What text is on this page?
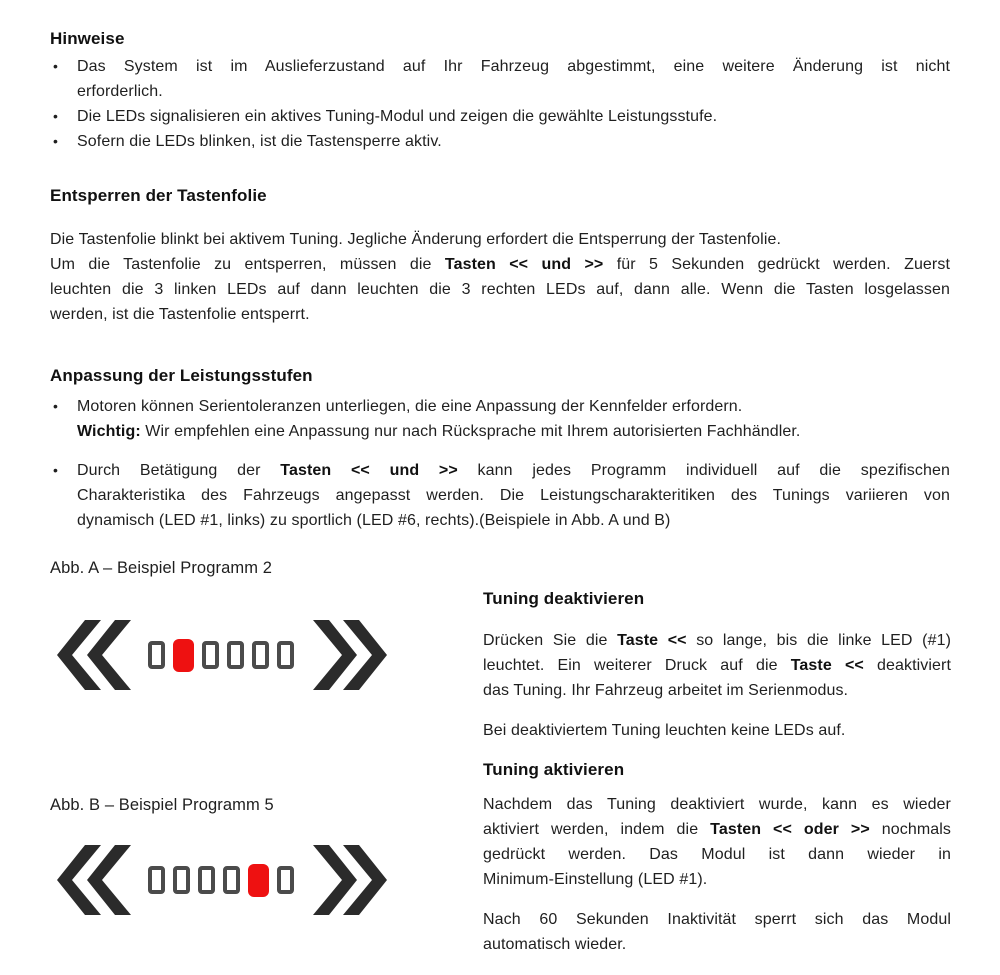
Hinweise
•	Das System ist im Auslieferzustand auf Ihr Fahrzeug abgestimmt, eine weitere Änderung ist nicht
erforderlich.
•	Die LEDs signalisieren ein aktives Tuning-Modul und zeigen die gewählte Leistungsstufe.
•	Sofern die LEDs blinken, ist die Tastensperre aktiv.
Entsperren der Tastenfolie
Die Tastenfolie blinkt bei aktivem Tuning. Jegliche Änderung erfordert die Entsperrung der Tastenfolie.
Um die Tastenfolie zu entsperren, müssen die Tasten << und >> für 5 Sekunden gedrückt werden. Zuerst
leuchten die 3 linken LEDs auf dann leuchten die 3 rechten LEDs auf, dann alle. Wenn die Tasten losgelassen
werden, ist die Tastenfolie entsperrt.
Anpassung der Leistungsstufen
•	Motoren können Serientoleranzen unterliegen, die eine Anpassung der Kennfelder erfordern.
Wichtig: Wir empfehlen eine Anpassung nur nach Rücksprache mit Ihrem autorisierten Fachhändler.
•	Durch Betätigung der Tasten << und >> kann jedes Programm individuell auf die spezifischen
Charakteristika des Fahrzeugs angepasst werden. Die Leistungscharakteritiken des Tunings variieren von
dynamisch (LED #1, links) zu sportlich (LED #6, rechts).(Beispiele in Abb. A und B)
Abb. A – Beispiel Programm 2
Abb. B – Beispiel Programm 5
Tuning deaktivieren
Drücken Sie die Taste << so lange, bis die linke LED (#1)
leuchtet. Ein weiterer Druck auf die Taste << deaktiviert
das Tuning. Ihr Fahrzeug arbeitet im Serienmodus.
Bei deaktiviertem Tuning leuchten keine LEDs auf.
Tuning aktivieren
Nachdem das Tuning deaktiviert wurde, kann es wieder
aktiviert werden, indem die Tasten << oder >> nochmals
gedrückt werden. Das Modul ist dann wieder in
Minimum-Einstellung (LED #1).
Nach 60 Sekunden Inaktivität sperrt sich das Modul
automatisch wieder.
